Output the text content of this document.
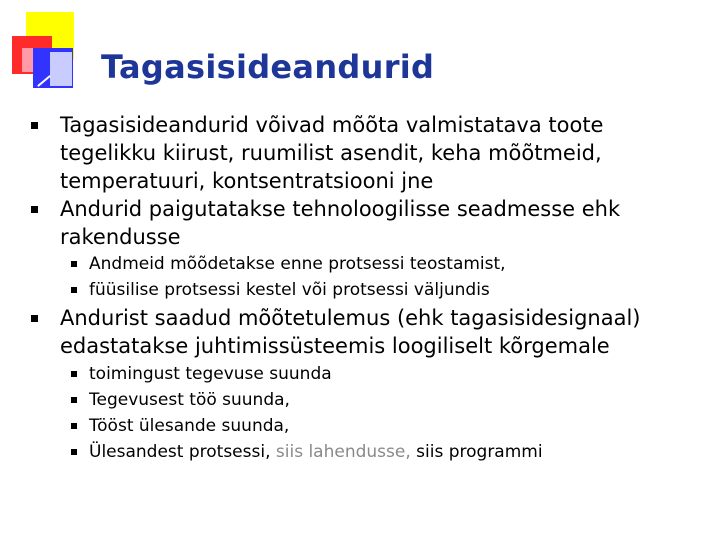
Tagasisideandurid
Tagasisideandurid võivad mõõta valmistatava toote tegelikku kiirust, ruumilist asendit, keha mõõtmeid, temperatuuri, kontsentratsiooni jne
Andurid paigutatakse tehnoloogilisse seadmesse ehk rakendusse
Andmeid mõõdetakse enne protsessi teostamist,
füüsilise protsessi kestel või protsessi väljundis
Andurist saadud mõõtetulemus (ehk tagasisidesignaal) edastatakse juhtimissüsteemis loogiliselt kõrgemale
toimingust tegevuse suunda
Tegevusest töö suunda,
Tööst ülesande suunda,
Ülesandest protsessi, siis lahendusse, siis programmi
